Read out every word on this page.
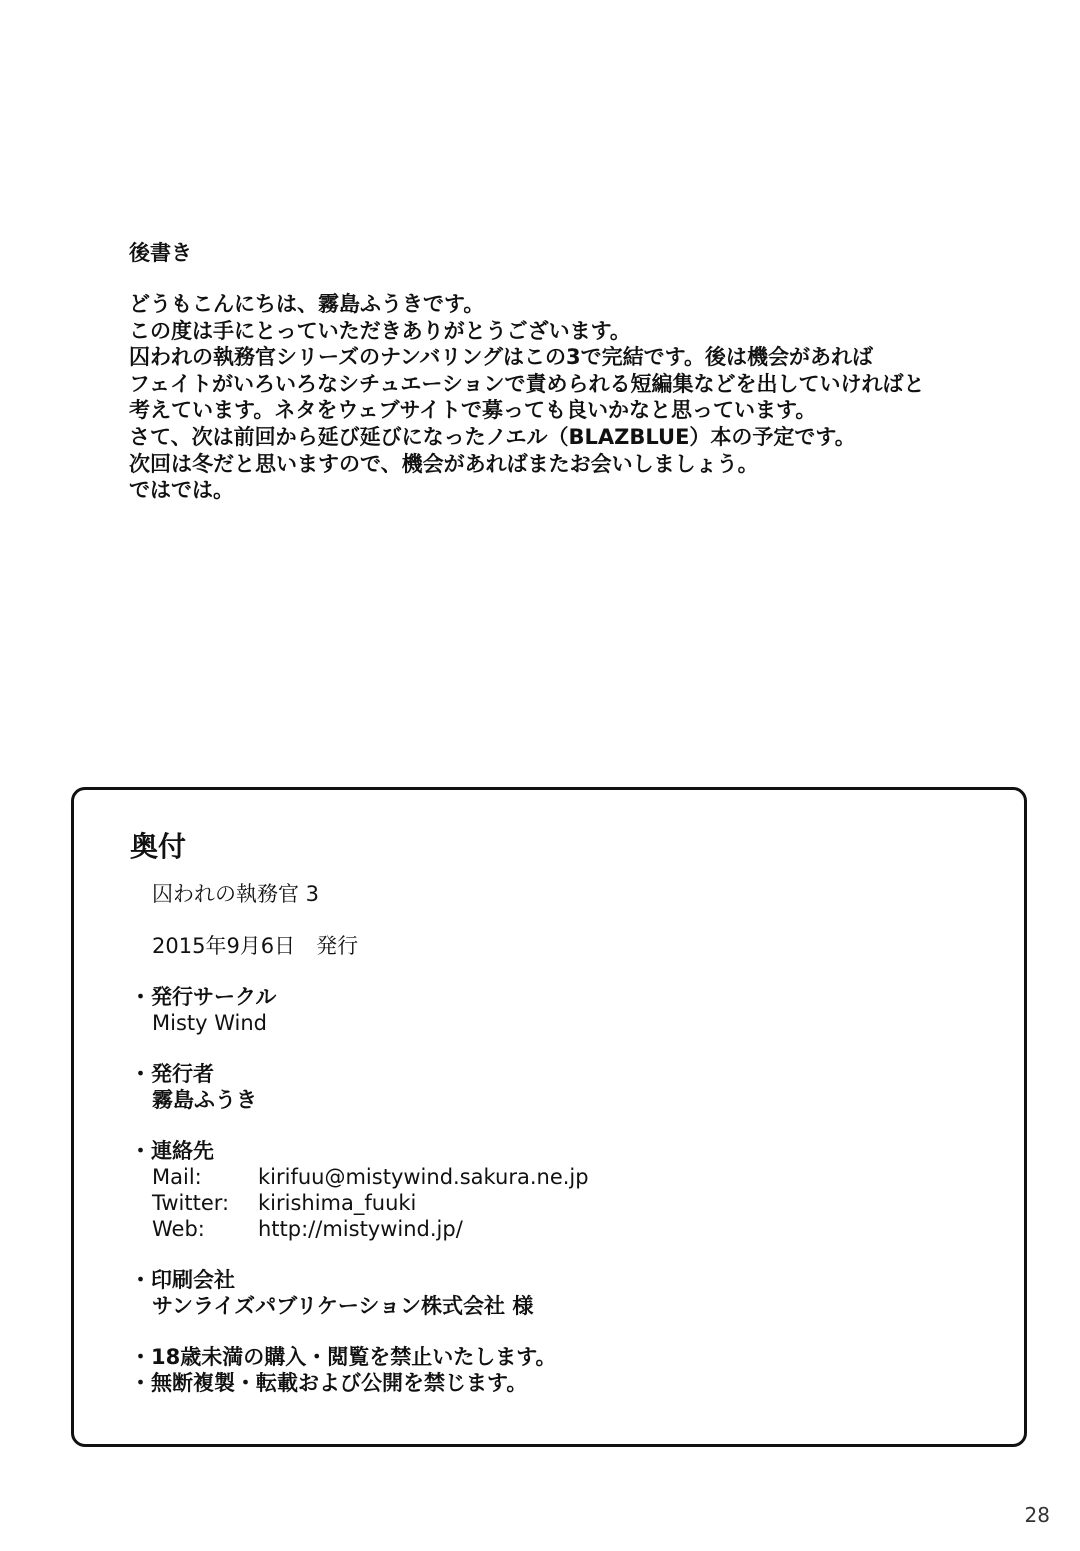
後書き
どうもこんにちは、霧島ふうきです。
この度は手にとっていただきありがとうございます。
囚われの執務官シリーズのナンバリングはこの3で完結です。後は機会があれば
フェイトがいろいろなシチュエーションで責められる短編集などを出していければと
考えています。ネタをウェブサイトで募っても良いかなと思っています。
さて、次は前回から延び延びになったノエル（BLAZBLUE）本の予定です。
次回は冬だと思いますので、機会があればまたお会いしましょう。
ではでは。
奥付
囚われの執務官 3
2015年9月6日　発行
・発行サークル
Misty Wind
・発行者
霧島ふうき
・連絡先
Mail:	kirifuu@mistywind.sakura.ne.jp
Twitter: kirishima_fuuki
Web:	http://mistywind.jp/
・印刷会社
サンライズパブリケーション株式会社 様
・18歳未満の購入・閲覧を禁止いたします。
・無断複製・転載および公開を禁じます。
28
